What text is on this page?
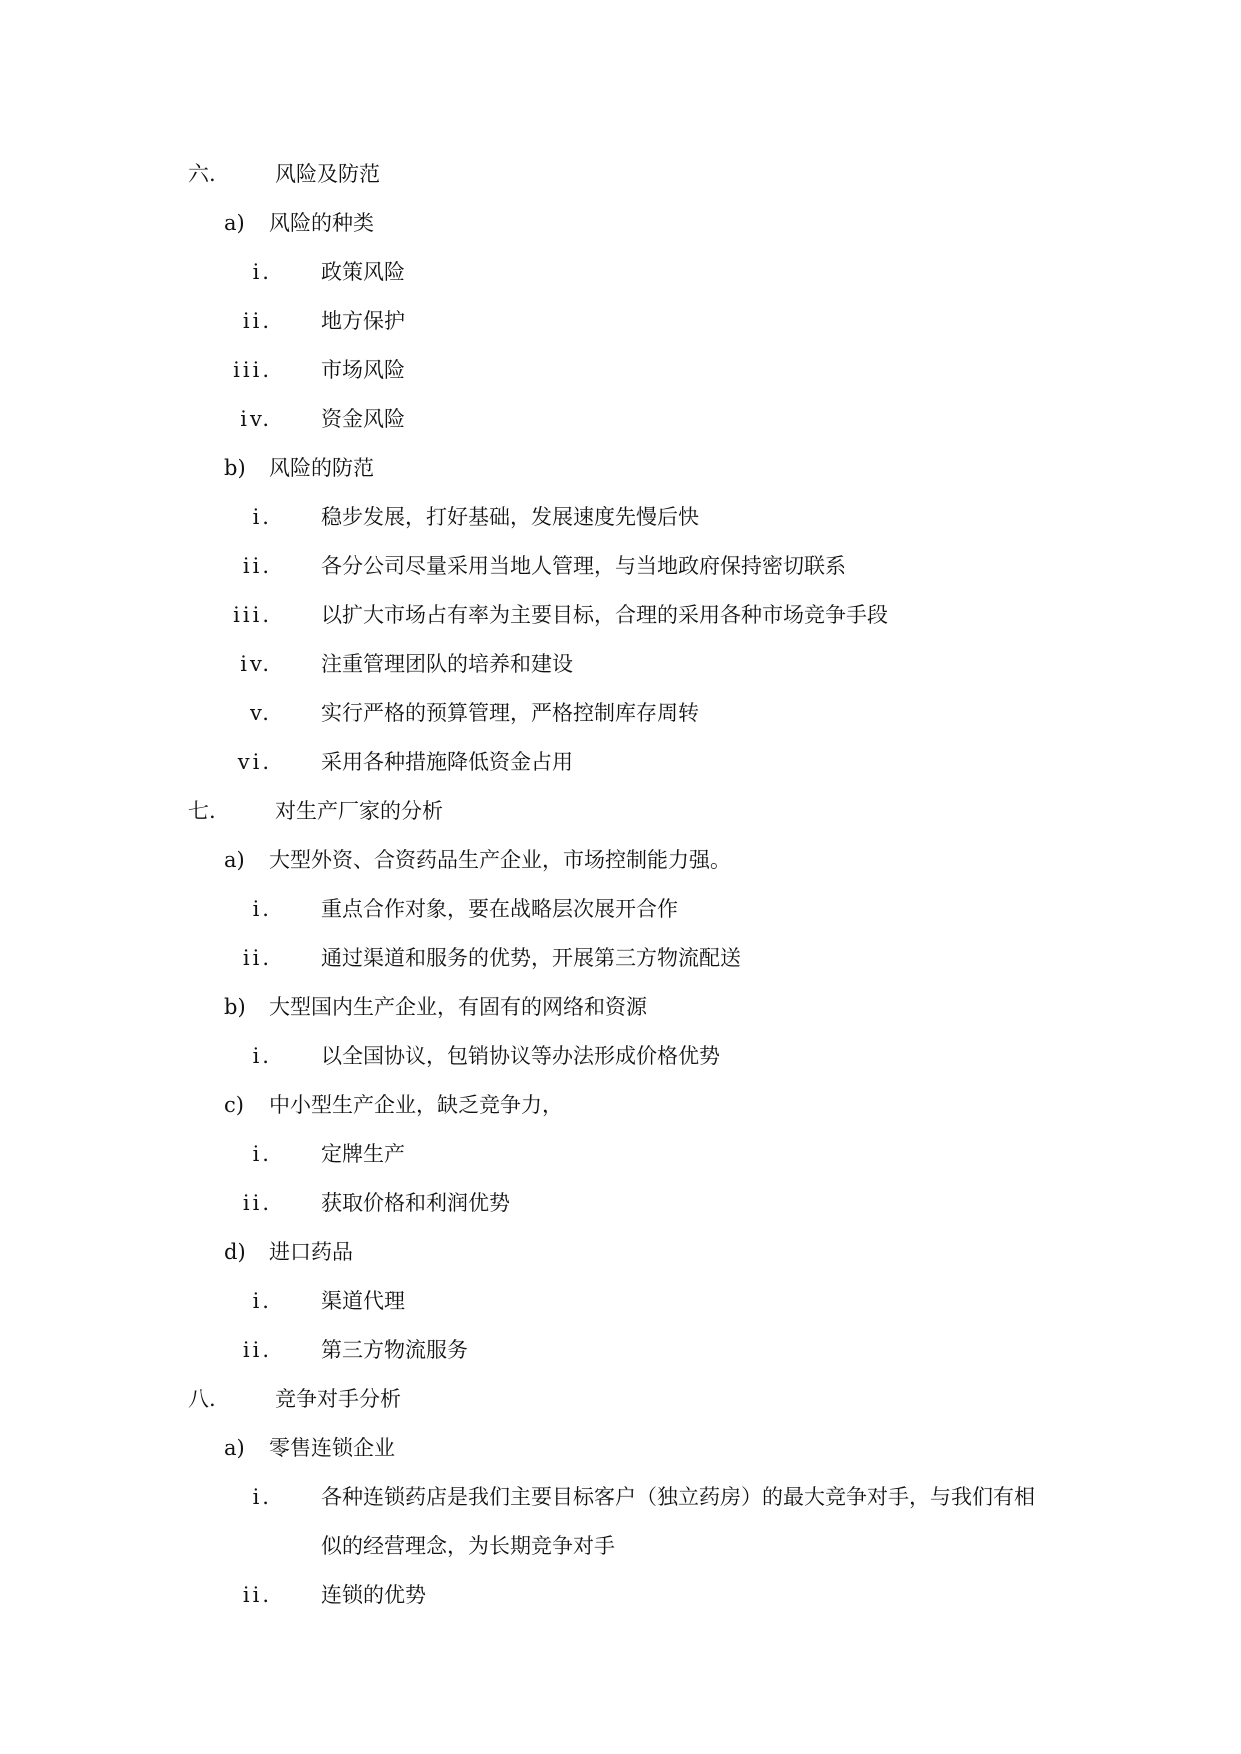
六.	风险及防范
a) 风险的种类
i. 政策风险
ii. 地方保护
iii. 市场风险
iv. 资金风险
b) 风险的防范
i. 稳步发展，打好基础，发展速度先慢后快
ii. 各分公司尽量采用当地人管理，与当地政府保持密切联系
iii. 以扩大市场占有率为主要目标，合理的采用各种市场竞争手段
iv. 注重管理团队的培养和建设
v. 实行严格的预算管理，严格控制库存周转
vi. 采用各种措施降低资金占用
七.	对生产厂家的分析
a) 大型外资、合资药品生产企业，市场控制能力强。
i. 重点合作对象，要在战略层次展开合作
ii. 通过渠道和服务的优势，开展第三方物流配送
b) 大型国内生产企业，有固有的网络和资源
i. 以全国协议，包销协议等办法形成价格优势
c) 中小型生产企业，缺乏竞争力，
i. 定牌生产
ii. 获取价格和利润优势
d) 进口药品
i. 渠道代理
ii. 第三方物流服务
八.	竞争对手分析
a) 零售连锁企业
i. 各种连锁药店是我们主要目标客户（独立药房）的最大竞争对手，与我们有相
似的经营理念，为长期竞争对手
ii. 连锁的优势
